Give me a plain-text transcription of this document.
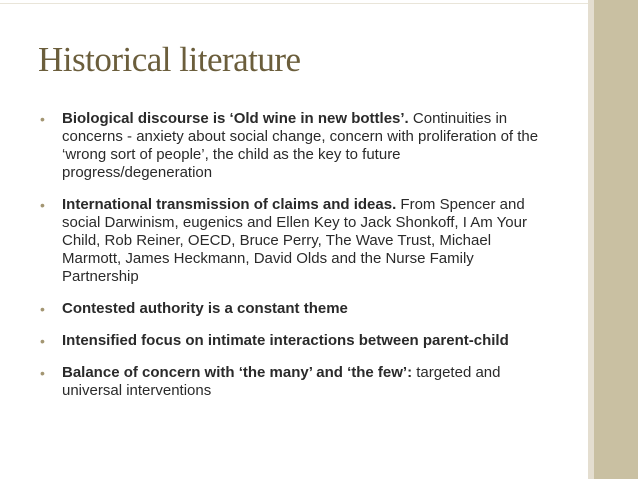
Historical literature
• Biological discourse is ‘Old wine in new bottles’. Continuities in concerns - anxiety about social change, concern with proliferation of the ‘wrong sort of people’, the child as the key to future progress/degeneration
• International transmission of claims and ideas. From Spencer and social Darwinism, eugenics and Ellen Key to Jack Shonkoff, I Am Your Child, Rob Reiner, OECD, Bruce Perry, The Wave Trust, Michael Marmott, James Heckmann, David Olds and the Nurse Family Partnership
• Contested authority is a constant theme
• Intensified focus on intimate interactions between parent-child
• Balance of concern with ‘the many’ and ‘the few’: targeted and universal interventions
